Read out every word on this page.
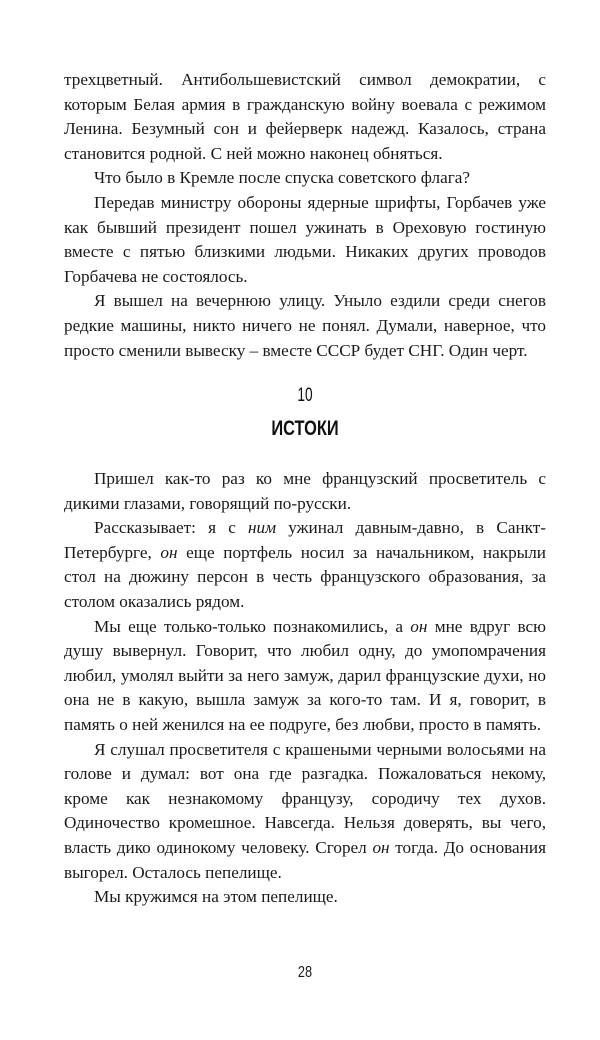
трехцветный. Антибольшевистский символ демократии, с которым Белая армия в гражданскую войну воевала с режимом Ленина. Безумный сон и фейерверк надежд. Казалось, страна становится родной. С ней можно наконец обняться.

Что было в Кремле после спуска советского флага?

Передав министру обороны ядерные шрифты, Горбачев уже как бывший президент пошел ужинать в Ореховую гостиную вместе с пятью близкими людьми. Никаких других проводов Горбачева не состоялось.

Я вышел на вечернюю улицу. Уныло ездили среди снегов редкие машины, никто ничего не понял. Думали, наверное, что просто сменили вывеску – вместе СССР будет СНГ. Один черт.

10
ИСТОКИ

Пришел как-то раз ко мне французский просветитель с дикими глазами, говорящий по-русски.

Рассказывает: я с ним ужинал давным-давно, в Санкт-Петербурге, он еще портфель носил за начальником, накрыли стол на дюжину персон в честь французского образования, за столом оказались рядом.

Мы еще только-только познакомились, а он мне вдруг всю душу вывернул. Говорит, что любил одну, до умопомрачения любил, умолял выйти за него замуж, дарил французские духи, но она не в какую, вышла замуж за кого-то там. И я, говорит, в память о ней женился на ее подруге, без любви, просто в память.

Я слушал просветителя с крашеными черными волосьями на голове и думал: вот она где разгадка. Пожаловаться некому, кроме как незнакомому французу, сородичу тех духов. Одиночество кромешное. Навсегда. Нельзя доверять, вы чего, власть дико одинокому человеку. Сгорел он тогда. До основания выгорел. Осталось пепелище.

Мы кружимся на этом пепелище.

28
